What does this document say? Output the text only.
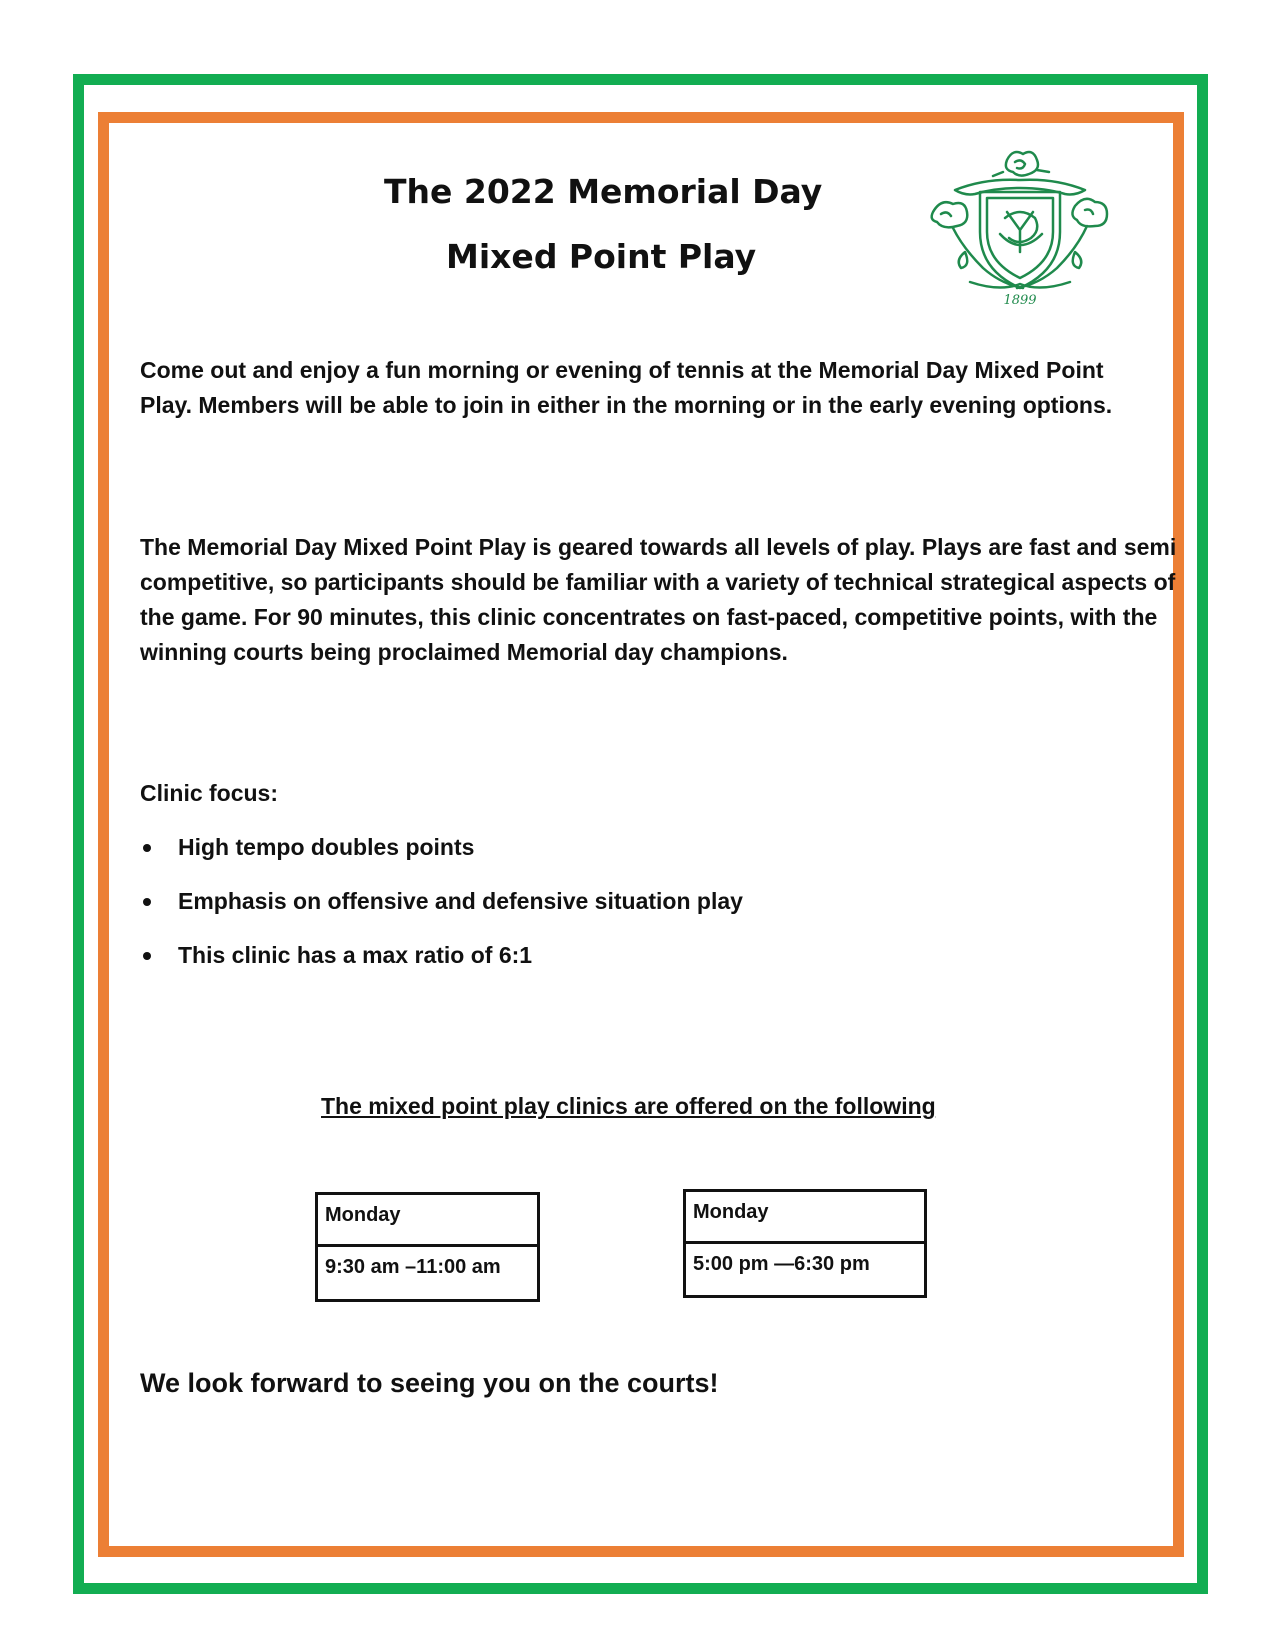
The 2022 Memorial Day
Mixed Point Play
1899
Come out and enjoy a fun morning or evening of tennis at the Memorial Day Mixed Point Play. Members will be able to join in either in the morning or in the early evening options.
The Memorial Day Mixed Point Play is geared towards all levels of play. Plays are fast and semi competitive, so participants should be familiar with a variety of technical strategical aspects of the game. For 90 minutes, this clinic concentrates on fast-paced, competitive points, with the winning courts being proclaimed Memorial day champions.
Clinic focus:
High tempo doubles points
Emphasis on offensive and defensive situation play
This clinic has a max ratio of 6:1
The mixed point play clinics are offered on the following
Monday
9:30 am –11:00 am
Monday
5:00 pm —6:30 pm
We look forward to seeing you on the courts!
